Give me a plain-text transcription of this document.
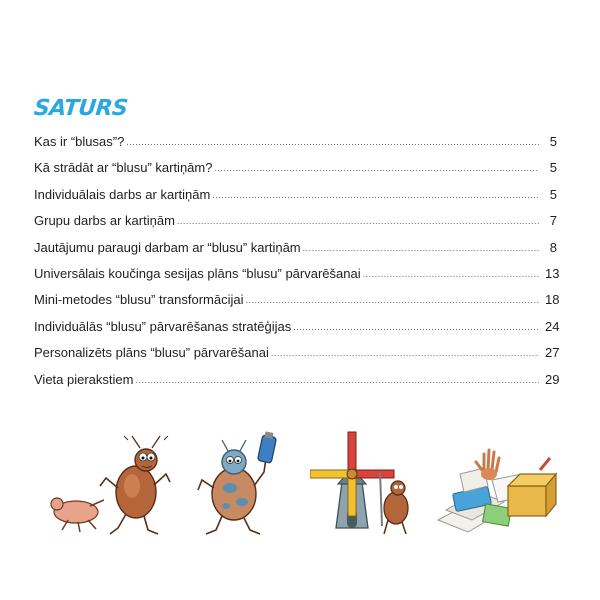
SATURS
Kas ir “blusas”? .....	5
Kā strādāt ar “blusu” kartiņām? .....	5
Individuālais darbs ar kartiņām .....	5
Grupu darbs ar kartiņām .....	7
Jautājumu paraugi darbam ar “blusu” kartiņām .....	8
Universālais koučinga sesijas plāns “blusu” pārvarēšanai .....	13
Mini-metodes “blusu” transformācijai .....	18
Individuālās “blusu” pārvarēšanas stratēģijas .....	24
Personalizēts plāns “blusu” pārvarēšanai .....	27
Vieta pierakstiem .....	29
